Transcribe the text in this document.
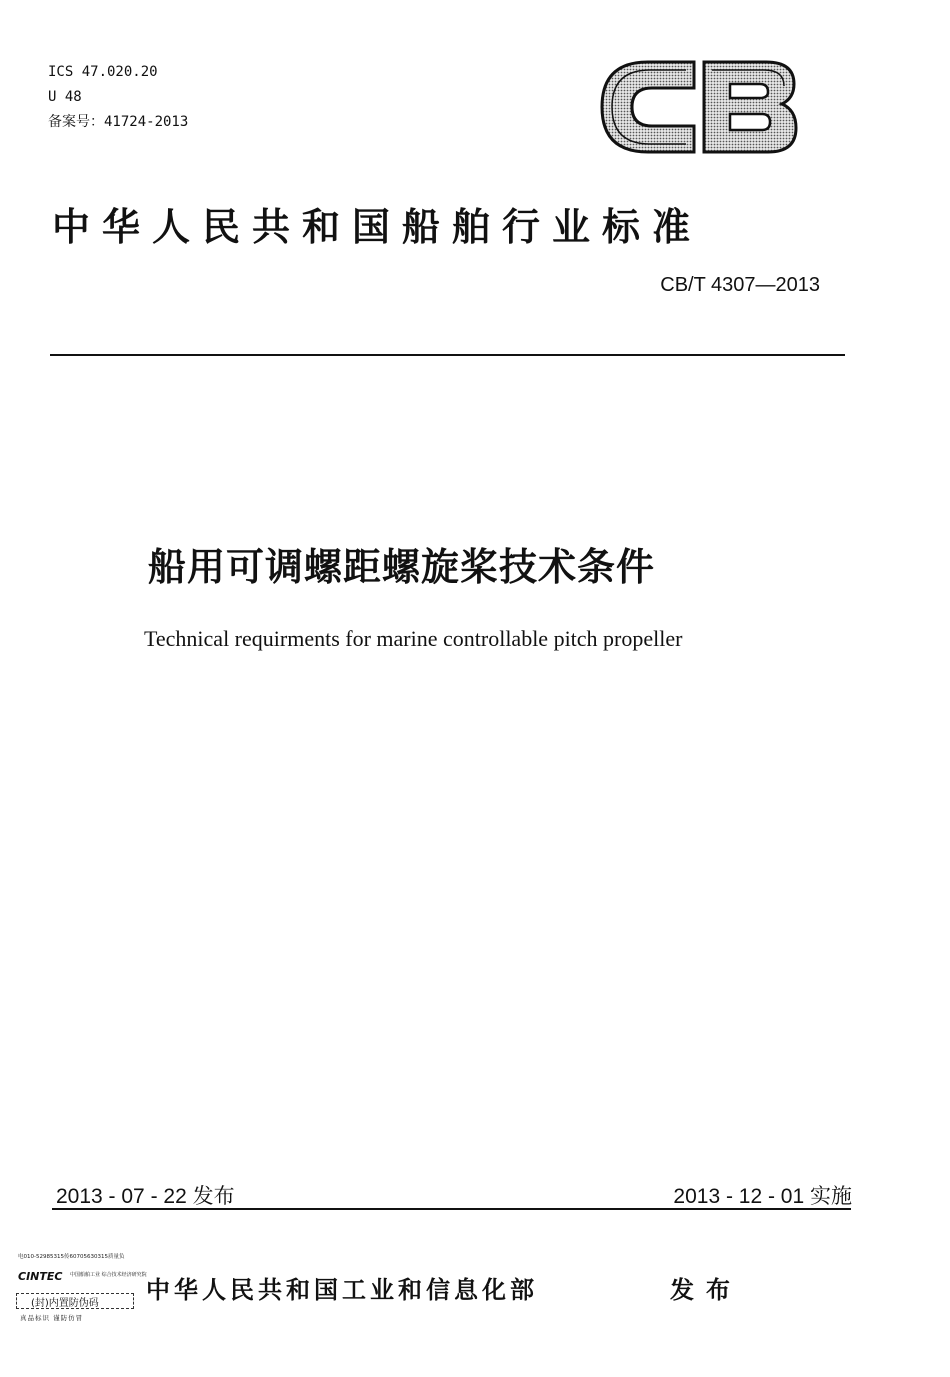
ICS 47.020.20
U 48
备案号：41724-2013
中华人民共和国船舶行业标准
CB/T 4307—2013
船用可调螺距螺旋桨技术条件
Technical requirments for marine controllable pitch propeller
2013 - 07 - 22 发布	2013 - 12 - 01 实施
电010-52985315传60705630315质量负
CINTEC 中国船舶工业 综合技术经济研究院
(封)内置防伪码
真品标识 谨防仿冒
中华人民共和国工业和信息化部	发布
